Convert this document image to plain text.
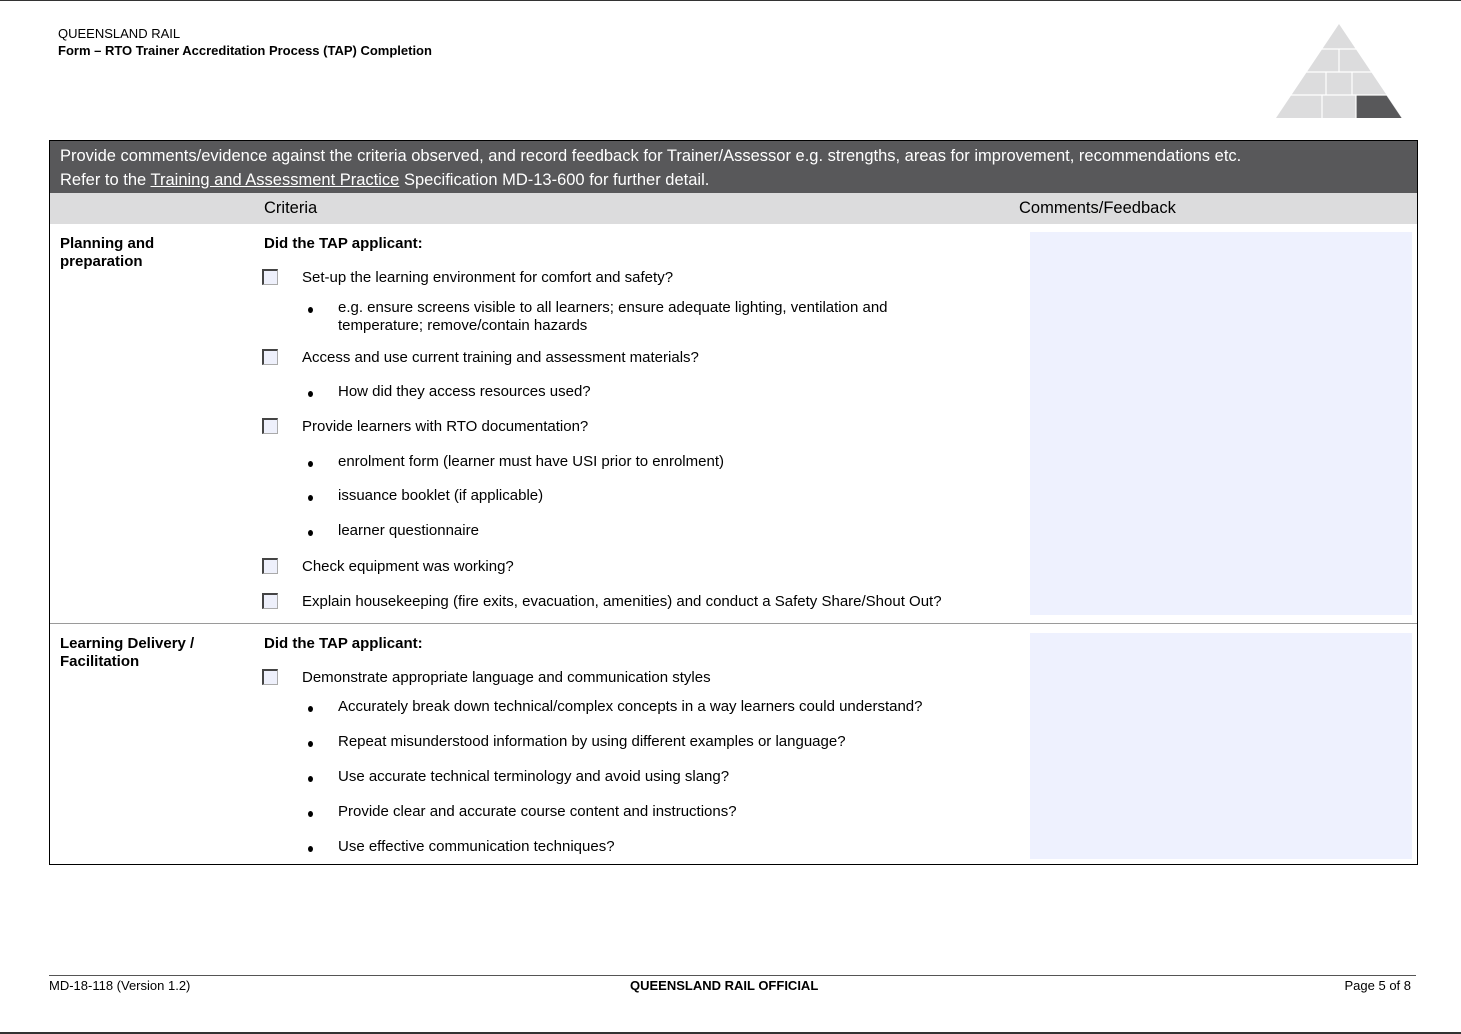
QUEENSLAND RAIL
Form – RTO Trainer Accreditation Process (TAP) Completion
Provide comments/evidence against the criteria observed, and record feedback for Trainer/Assessor e.g. strengths, areas for improvement, recommendations etc.
Refer to the Training and Assessment Practice Specification MD-13-600 for further detail.
Criteria	Comments/Feedback
Planning and preparation
Did the TAP applicant:
Set-up the learning environment for comfort and safety?
e.g. ensure screens visible to all learners; ensure adequate lighting, ventilation and temperature; remove/contain hazards
Access and use current training and assessment materials?
How did they access resources used?
Provide learners with RTO documentation?
enrolment form (learner must have USI prior to enrolment)
issuance booklet (if applicable)
learner questionnaire
Check equipment was working?
Explain housekeeping (fire exits, evacuation, amenities) and conduct a Safety Share/Shout Out?
Learning Delivery / Facilitation
Did the TAP applicant:
Demonstrate appropriate language and communication styles
Accurately break down technical/complex concepts in a way learners could understand?
Repeat misunderstood information by using different examples or language?
Use accurate technical terminology and avoid using slang?
Provide clear and accurate course content and instructions?
Use effective communication techniques?
MD-18-118 (Version 1.2)	QUEENSLAND RAIL OFFICIAL	Page 5 of 8
